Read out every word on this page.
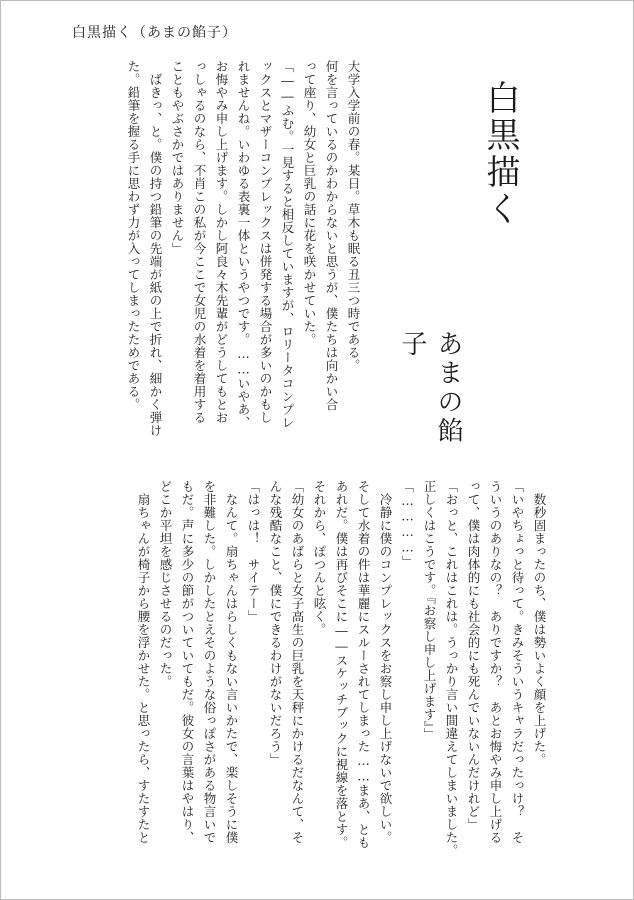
白黒描く（あまの餡子）
白黒描く
あまの餡子
大学入学前の春。某日。草木も眠る丑三つ時である。
何を言っているのかわからないと思うが、僕たちは向かい合
って座り、幼女と巨乳の話に花を咲かせていた。
「――ふむ。一見すると相反していますが、ロリータコンプレ
ックスとマザーコンプレックスは併発する場合が多いのかもし
れませんね。いわゆる表裏一体というやつです。……いやあ、
お悔やみ申し上げます。しかし阿良々木先輩がどうしてもとお
っしゃるのなら、不肖この私が今ここで女児の水着を着用する
こともやぶさかではありません」
　ばきっ、と。僕の持つ鉛筆の先端が紙の上で折れ、細かく弾け
た。鉛筆を握る手に思わず力が入ってしまったためである。
　数秒固まったのち、僕は勢いよく顔を上げた。
「いやちょっと待って。きみそういうキャラだったっけ？　そ
ういうのありなの？　ありですか？　あとお悔やみ申し上げる
って、僕は肉体的にも社会的にも死んでいないんだけれど」
「おっと、これはこれは。うっかり言い間違えてしまいました。
正しくはこうです。『お察し申し上げます』」
「…………」
　冷静に僕のコンプレックスをお察し申し上げないで欲しい。
そして水着の件は華麗にスルーされてしまった……まあ、とも
あれだ。僕は再びそこに――スケッチブックに視線を落とす。
それから、ぽつんと呟く。
「幼女のあばらと女子高生の巨乳を天秤にかけるだなんて、そ
んな残酷なこと、僕にできるわけがないだろう」
「はっは！　サイテー」
　なんて。扇ちゃんはらしくもない言いかたで、楽しそうに僕
を非難した。しかしたとえそのような俗っぽさがある物言いで
もだ。声に多少の節がついていてもだ。彼女の言葉はやはり、
どこか平坦を感じさせるのだった。
　扇ちゃんが椅子から腰を浮かせた。と思ったら、すたすたと
